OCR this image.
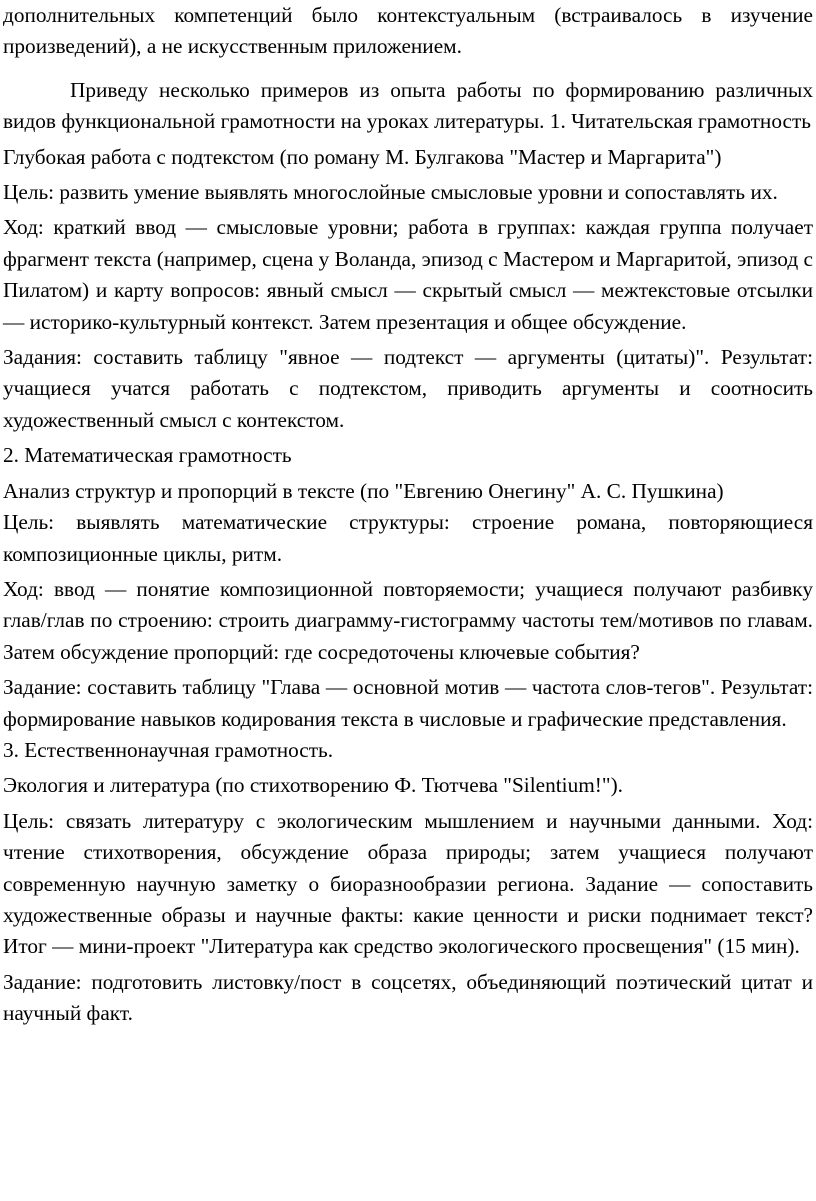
дополнительных компетенций было контекстуальным (встраивалось в изучение произведений), а не искусственным приложением.

Приведу несколько примеров из опыта работы по формированию различных видов функциональной грамотности на уроках литературы. 1. Читательская грамотность

Глубокая работа с подтекстом (по роману М. Булгакова "Мастер и Маргарита")

Цель: развить умение выявлять многослойные смысловые уровни и сопоставлять их.

Ход: краткий ввод — смысловые уровни; работа в группах: каждая группа получает фрагмент текста (например, сцена у Воланда, эпизод с Мастером и Маргаритой, эпизод с Пилатом) и карту вопросов: явный смысл — скрытый смысл — межтекстовые отсылки — историко-культурный контекст. Затем презентация и общее обсуждение.

Задания: составить таблицу "явное — подтекст — аргументы (цитаты)". Результат: учащиеся учатся работать с подтекстом, приводить аргументы и соотносить художественный смысл с контекстом.

2. Математическая грамотность

Анализ структур и пропорций в тексте (по "Евгению Онегину" А. С. Пушкина)

Цель: выявлять математические структуры: строение романа, повторяющиеся композиционные циклы, ритм.

Ход: ввод — понятие композиционной повторяемости; учащиеся получают разбивку глав/глав по строению: строить диаграмму-гистограмму частоты тем/мотивов по главам. Затем обсуждение пропорций: где сосредоточены ключевые события?

Задание: составить таблицу "Глава — основной мотив — частота слов-тегов". Результат: формирование навыков кодирования текста в числовые и графические представления.

3. Естественнонаучная грамотность.

Экология и литература (по стихотворению Ф. Тютчева "Silentium!").

Цель: связать литературу с экологическим мышлением и научными данными. Ход: чтение стихотворения, обсуждение образа природы; затем учащиеся получают современную научную заметку о биоразнообразии региона. Задание — сопоставить художественные образы и научные факты: какие ценности и риски поднимает текст? Итог — мини-проект "Литература как средство экологического просвещения" (15 мин).

Задание: подготовить листовку/пост в соцсетях, объединяющий поэтический цитат и научный факт.
